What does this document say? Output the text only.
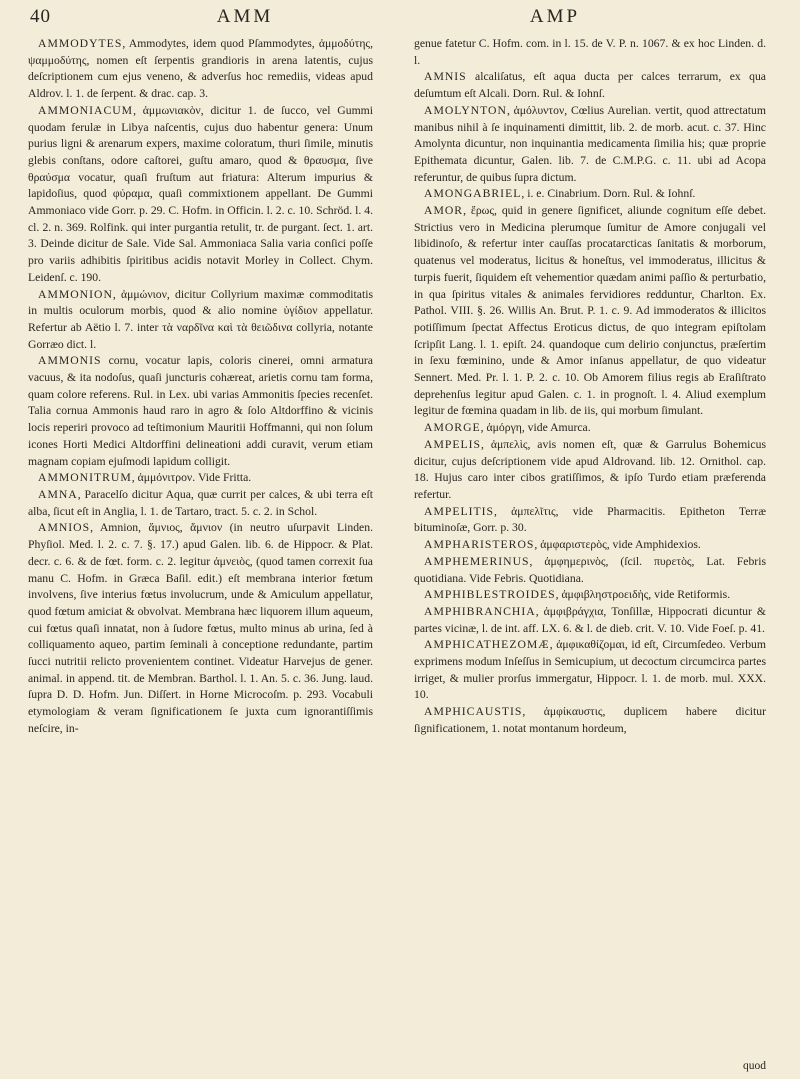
40	AMM	AMP

AMMODYTES, Ammodytes, idem quod Pſammodytes, ἀμμοδύτης, ψαμμοδύτης, nomen eſt ſerpentis grandioris in arena latentis, cujus deſcriptionem cum ejus veneno, & adverſus hoc remediis, videas apud Aldrov. l. 1. de ſerpent. & drac. cap. 3.

AMMONIACUM, ἀμμωνιακὸν, dicitur 1. de ſucco, vel Gummi quodam ferulæ in Libya naſcentis, cujus duo habentur genera: Unum purius ligni & arenarum expers, maxime coloratum, thuri ſimile, minutis glebis conſtans, odore caſtorei, guſtu amaro, quod & θραυσμα, ſive θραύσμα vocatur, quaſi fruſtum aut friatura: Alterum impurius & lapidoſius, quod φύραμα, quaſi commixtionem appellant. De Gummi Ammoniaco vide Gorr. p. 29. C. Hofm. in Officin. l. 2. c. 10. Schröd. l. 4. cl. 2. n. 369. Rolfink. qui inter purgantia retulit, tr. de purgant. ſect. 1. art. 3. Deinde dicitur de Sale. Vide Sal. Ammoniaca Salia varia conſici poſſe pro variis adhibitis ſpiritibus acidis notavit Morley in Collect. Chym. Leidenſ. c. 190.

AMMONION, ἀμμώνιον, dicitur Collyrium maximæ commoditatis in multis oculorum morbis, quod & alio nomine ὑγίδιον appellatur. Refertur ab Aëtio l. 7. inter τὰ ναρδῖνα καὶ τὰ θειῶδινα collyria, notante Gorræo dict. l.

AMMONIS cornu, vocatur lapis, coloris cinerei, omni armatura vacuus, & ita nodoſus, quaſi juncturis cohæreat, arietis cornu tam forma, quam colore referens. Rul. in Lex. ubi varias Ammonitis ſpecies recenſet. Talia cornua Ammonis haud raro in agro & ſolo Altdorffino & vicinis locis reperiri provoco ad teſtimonium Mauritii Hoffmanni, qui non ſolum icones Horti Medici Altdorffini delineationi addi curavit, verum etiam magnam copiam ejuſmodi lapidum colligit.

AMMONITRUM, ἀμμόνιτρον. Vide Fritta.

AMNA, Paracelſo dicitur Aqua, quæ currit per calces, & ubi terra eſt alba, ſicut eſt in Anglia, l. 1. de Tartaro, tract. 5. c. 2. in Schol.

AMNIOS, Amnion, ἄμνιος, ἄμνιον (in neutro uſurpavit Linden. Phyſiol. Med. l. 2. c. 7. §. 17.) apud Galen. lib. 6. de Hippocr. & Plat. decr. c. 6. & de fœt. form. c. 2. legitur ἀμνειὸς, (quod tamen correxit ſua manu C. Hofm. in Græca Baſil. edit.) eſt membrana interior fœtum involvens, ſive interius fœtus involucrum, unde & Amiculum appellatur, quod fœtum amiciat & obvolvat. Membrana hæc liquorem illum aqueum, cui fœtus quaſi innatat, non à ſudore fœtus, multo minus ab urina, ſed à colliquamento aqueo, partim ſeminali à conceptione redundante, partim ſucci nutritii relicto provenientem continet. Videatur Harvejus de gener. animal. in append. tit. de Membran. Barthol. l. 1. An. 5. c. 36. Jung. laud. ſupra D. D. Hofm. Jun. Diſſert. in Horne Microcoſm. p. 293. Vocabuli etymologiam & veram ſignificationem ſe juxta cum ignorantiſſimis neſcire, in-

genue fatetur C. Hofm. com. in l. 15. de V. P. n. 1067. & ex hoc Linden. d. l.

AMNIS alcaliſatus, eſt aqua ducta per calces terrarum, ex qua deſumtum eſt Alcali. Dorn. Rul. & Iohnſ.

AMOLYNTON, ἀμόλυντον, Cœlius Aurelian. vertit, quod attrectatum manibus nihil à ſe inquinamenti dimittit, lib. 2. de morb. acut. c. 37. Hinc Amolynta dicuntur, non inquinantia medicamenta ſimilia his; quæ proprie Epithemata dicuntur, Galen. lib. 7. de C.M.P.G. c. 11. ubi ad Acopa referuntur, de quibus ſupra dictum.

AMONGABRIEL, i. e. Cinabrium. Dorn. Rul. & Iohnſ.

AMOR, ἔρως, quid in genere ſignificet, aliunde cognitum eſſe debet. Strictius vero in Medicina plerumque ſumitur de Amore conjugali vel libidinoſo, & refertur inter cauſſas procatarcticas ſanitatis & morborum, quatenus vel moderatus, licitus & honeſtus, vel immoderatus, illicitus & turpis fuerit, ſiquidem eſt vehementior quædam animi paſſio & perturbatio, in qua ſpiritus vitales & animales fervidiores redduntur, Charlton. Ex. Pathol. VIII. §. 26. Willis An. Brut. P. 1. c. 9. Ad immoderatos & illicitos potiſſimum ſpectat Affectus Eroticus dictus, de quo integram epiſtolam ſcripſit Lang. l. 1. epiſt. 24. quandoque cum delirio conjunctus, præſertim in ſexu fœminino, unde & Amor inſanus appellatur, de quo videatur Sennert. Med. Pr. l. 1. P. 2. c. 10. Ob Amorem filius regis ab Eraſiſtrato deprehenſus legitur apud Galen. c. 1. in prognoſt. l. 4. Aliud exemplum legitur de fœmina quadam in lib. de iis, qui morbum ſimulant.

AMORGE, ἀμόργη, vide Amurca.

AMPELIS, ἀμπελὶς, avis nomen eſt, quæ & Garrulus Bohemicus dicitur, cujus deſcriptionem vide apud Aldrovand. lib. 12. Ornithol. cap. 18. Hujus caro inter cibos gratiſſimos, & ipſo Turdo etiam præferenda refertur.

AMPELITIS, ἀμπελῖτις, vide Pharmacitis. Epitheton Terræ bituminoſæ, Gorr. p. 30.

AMPHARISTEROS, ἀμφαριστερὸς, vide Amphidexios.

AMPHEMERINUS, ἀμφημερινὸς, (ſcil. πυρετὸς, Lat. Febris quotidiana. Vide Febris. Quotidiana.

AMPHIBLESTROIDES, ἀμφιβληστροειδὴς, vide Retiformis.

AMPHIBRANCHIA, ἀμφιβράγχια, Tonſillæ, Hippocrati dicuntur & partes vicinæ, l. de int. aff. LX. 6. & l. de dieb. crit. V. 10. Vide Foeſ. p. 41.

AMPHICATHEZOMÆ, ἀμφικαθίζομαι, id eſt, Circumſedeo. Verbum exprimens modum Inſeſſus in Semicupium, ut decoctum circumcirca partes irriget, & mulier prorſus immergatur, Hippocr. l. 1. de morb. mul. XXX. 10.

AMPHICAUSTIS, ἀμφίκαυστις, duplicem habere dicitur ſignificationem, 1. notat montanum hordeum,

quod
